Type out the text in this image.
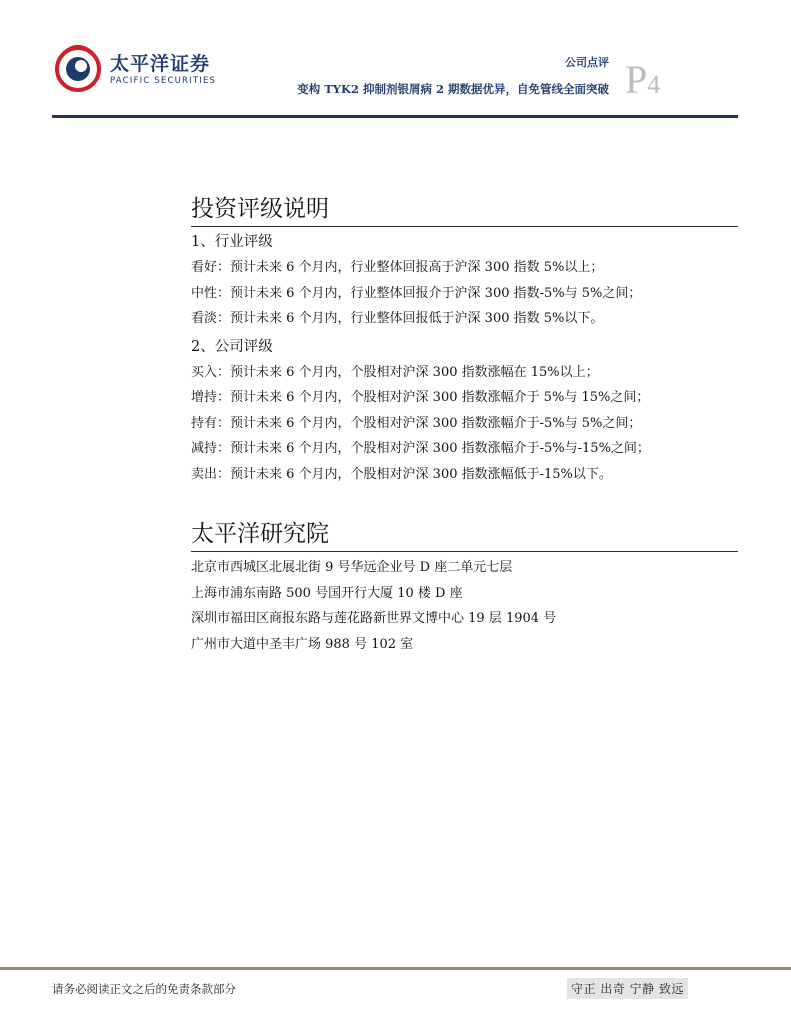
太平洋证券
PACIFIC SECURITIES
公司点评
变构 TYK2 抑制剂银屑病 2 期数据优异，自免管线全面突破 P4
投资评级说明
1、行业评级
看好：预计未来 6 个月内，行业整体回报高于沪深 300 指数 5%以上；
中性：预计未来 6 个月内，行业整体回报介于沪深 300 指数-5%与 5%之间；
看淡：预计未来 6 个月内，行业整体回报低于沪深 300 指数 5%以下。
2、公司评级
买入：预计未来 6 个月内，个股相对沪深 300 指数涨幅在 15%以上；
增持：预计未来 6 个月内，个股相对沪深 300 指数涨幅介于 5%与 15%之间；
持有：预计未来 6 个月内，个股相对沪深 300 指数涨幅介于-5%与 5%之间；
减持：预计未来 6 个月内，个股相对沪深 300 指数涨幅介于-5%与-15%之间；
卖出：预计未来 6 个月内，个股相对沪深 300 指数涨幅低于-15%以下。
太平洋研究院
北京市西城区北展北街 9 号华远企业号 D 座二单元七层
上海市浦东南路 500 号国开行大厦 10 楼 D 座
深圳市福田区商报东路与莲花路新世界文博中心 19 层 1904 号
广州市大道中圣丰广场 988 号 102 室
请务必阅读正文之后的免责条款部分	守正 出奇 宁静 致远
